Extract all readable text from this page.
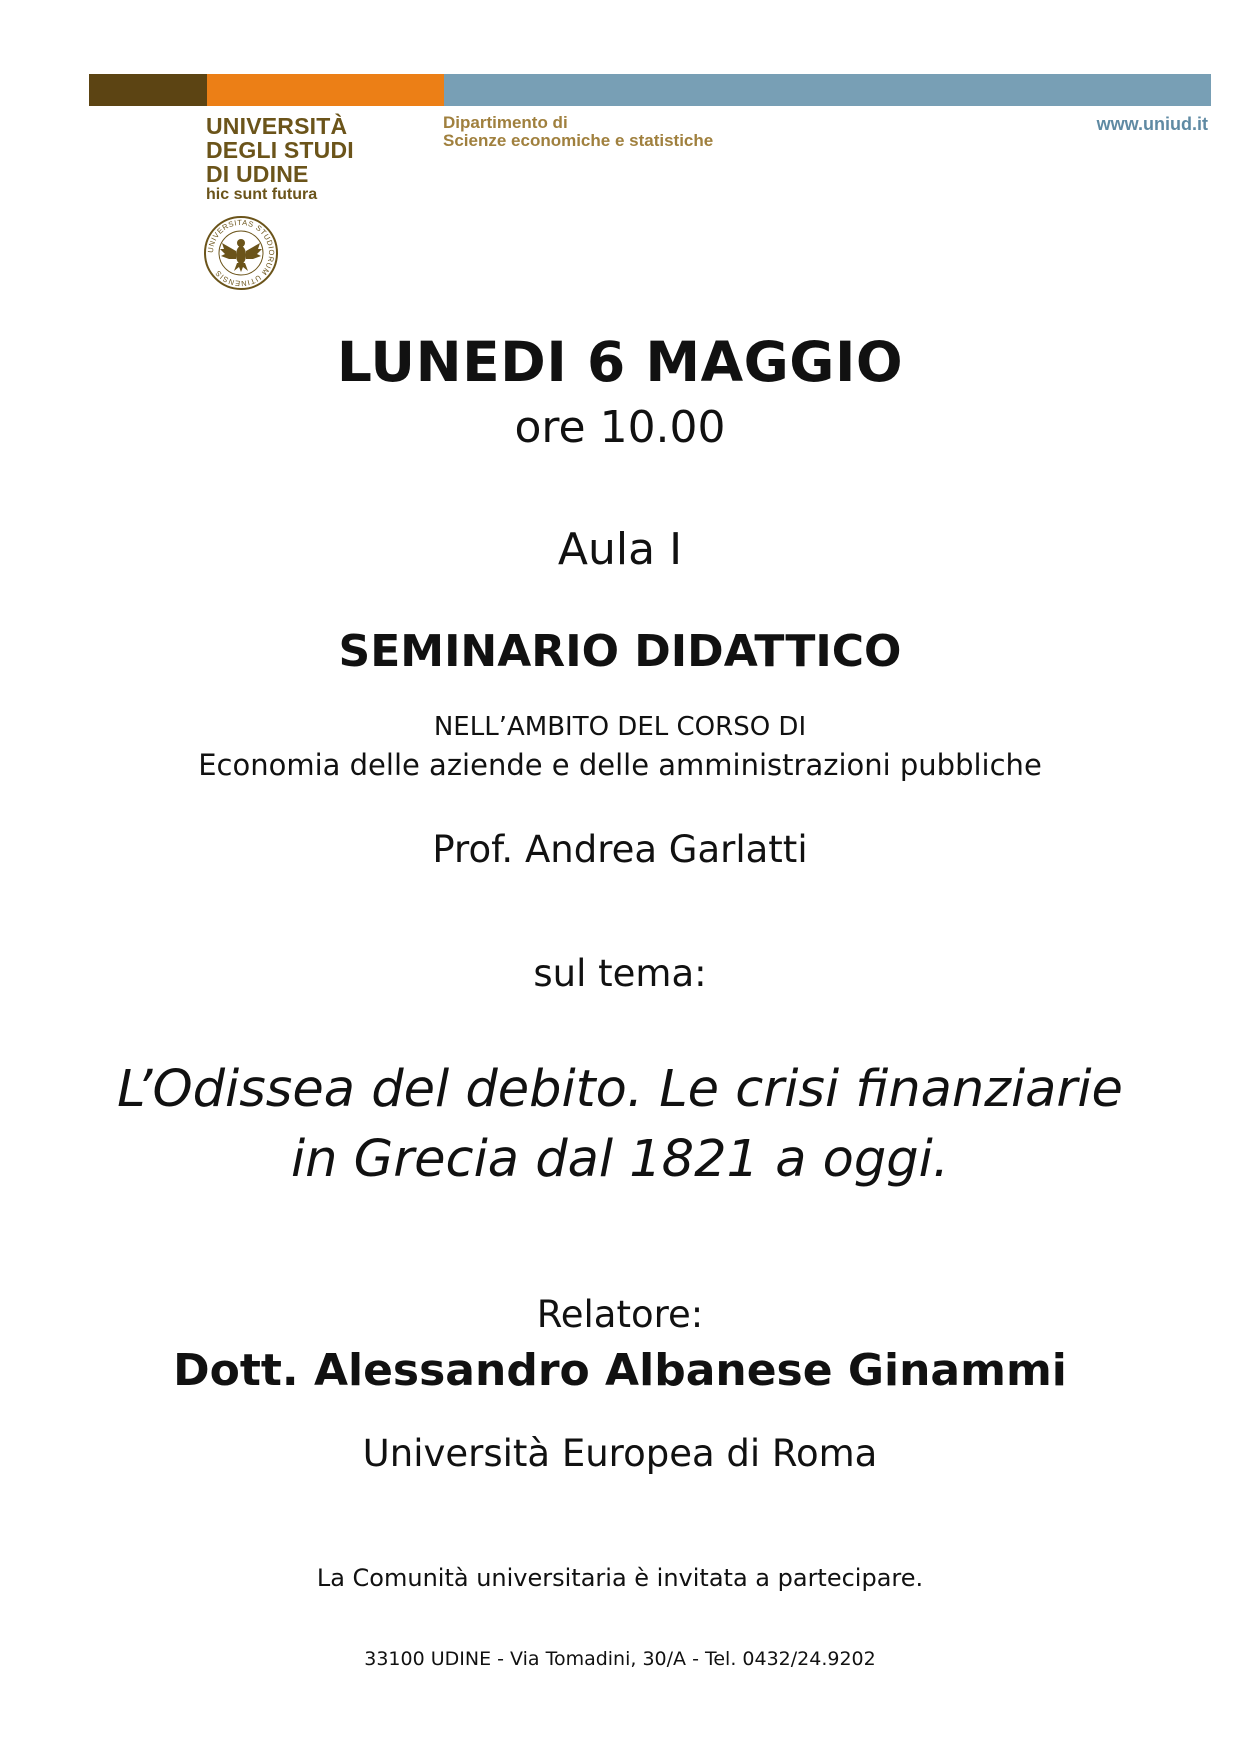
UNIVERSITÀ
DEGLI STUDI
DI UDINE
hic sunt futura
UNIVERSITAS STUDIORUM UTINENSIS
Dipartimento di
Scienze economiche e statistiche
www.uniud.it
LUNEDI 6 MAGGIO
ore 10.00
Aula I
SEMINARIO DIDATTICO
NELL’AMBITO DEL CORSO DI
Economia delle aziende e delle amministrazioni pubbliche
Prof. Andrea Garlatti
sul tema:
L’Odissea del debito. Le crisi finanziarie
in Grecia dal 1821 a oggi.
Relatore:
Dott. Alessandro Albanese Ginammi
Università Europea di Roma
La Comunità universitaria è invitata a partecipare.
33100 UDINE - Via Tomadini, 30/A - Tel. 0432/24.9202
